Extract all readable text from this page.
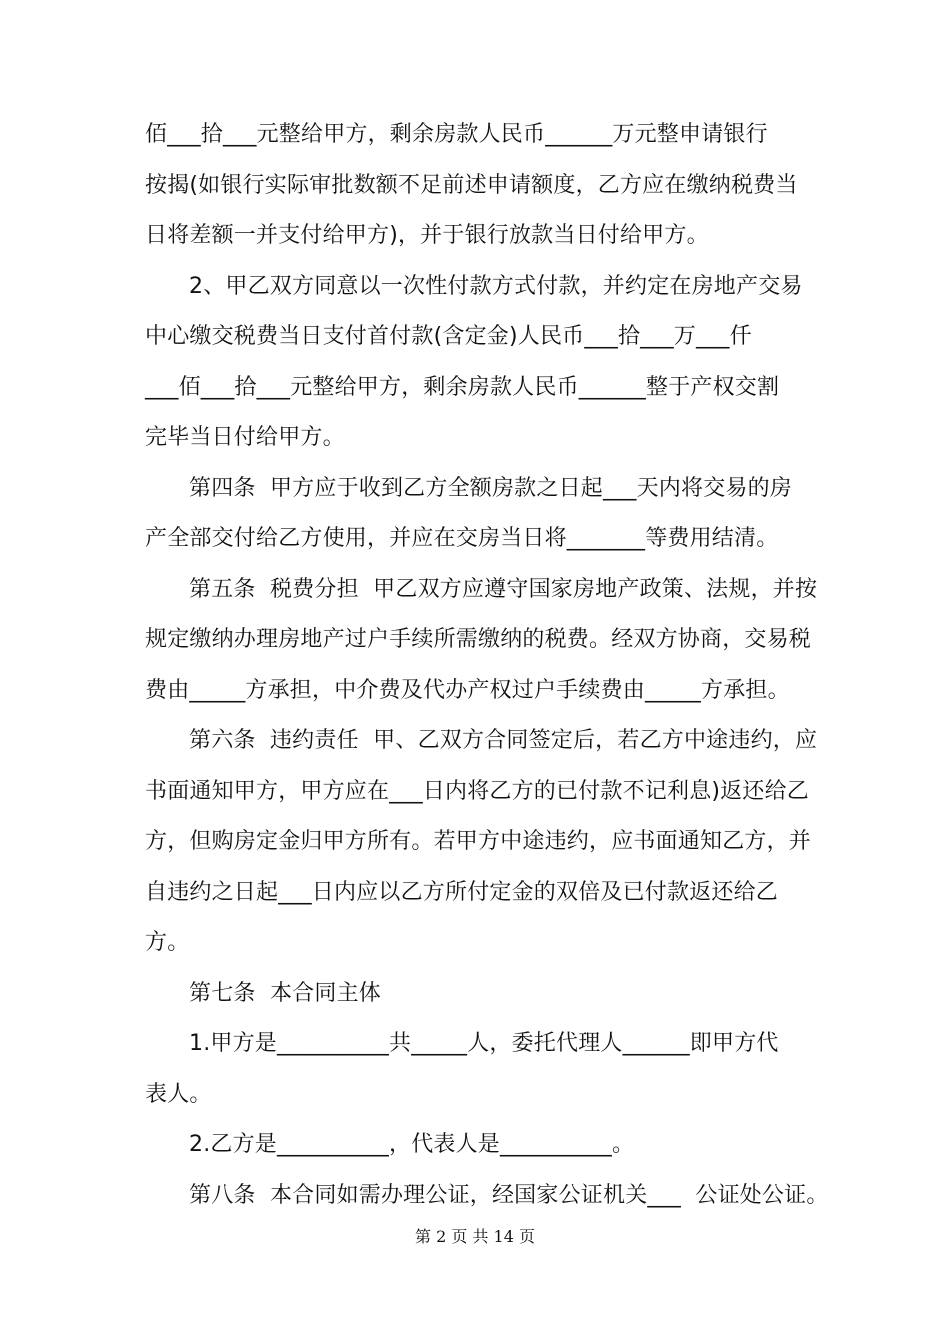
佰___拾___元整给甲方，剩余房款人民币______万元整申请银行
按揭(如银行实际审批数额不足前述申请额度，乙方应在缴纳税费当
日将差额一并支付给甲方)，并于银行放款当日付给甲方。
2、甲乙双方同意以一次性付款方式付款，并约定在房地产交易
中心缴交税费当日支付首付款(含定金)人民币___拾___万___仟
___佰___拾___元整给甲方，剩余房款人民币______整于产权交割
完毕当日付给甲方。
第四条  甲方应于收到乙方全额房款之日起___天内将交易的房
产全部交付给乙方使用，并应在交房当日将_______等费用结清。
第五条  税费分担  甲乙双方应遵守国家房地产政策、法规，并按
规定缴纳办理房地产过户手续所需缴纳的税费。经双方协商，交易税
费由_____方承担，中介费及代办产权过户手续费由_____方承担。
第六条  违约责任  甲、乙双方合同签定后，若乙方中途违约，应
书面通知甲方，甲方应在___日内将乙方的已付款不记利息)返还给乙
方，但购房定金归甲方所有。若甲方中途违约，应书面通知乙方，并
自违约之日起___日内应以乙方所付定金的双倍及已付款返还给乙
方。
第七条  本合同主体
1.甲方是__________共_____人，委托代理人______即甲方代
表人。
2.乙方是__________，代表人是__________。
第八条  本合同如需办理公证，经国家公证机关___  公证处公证。
第 2 页 共 14 页
